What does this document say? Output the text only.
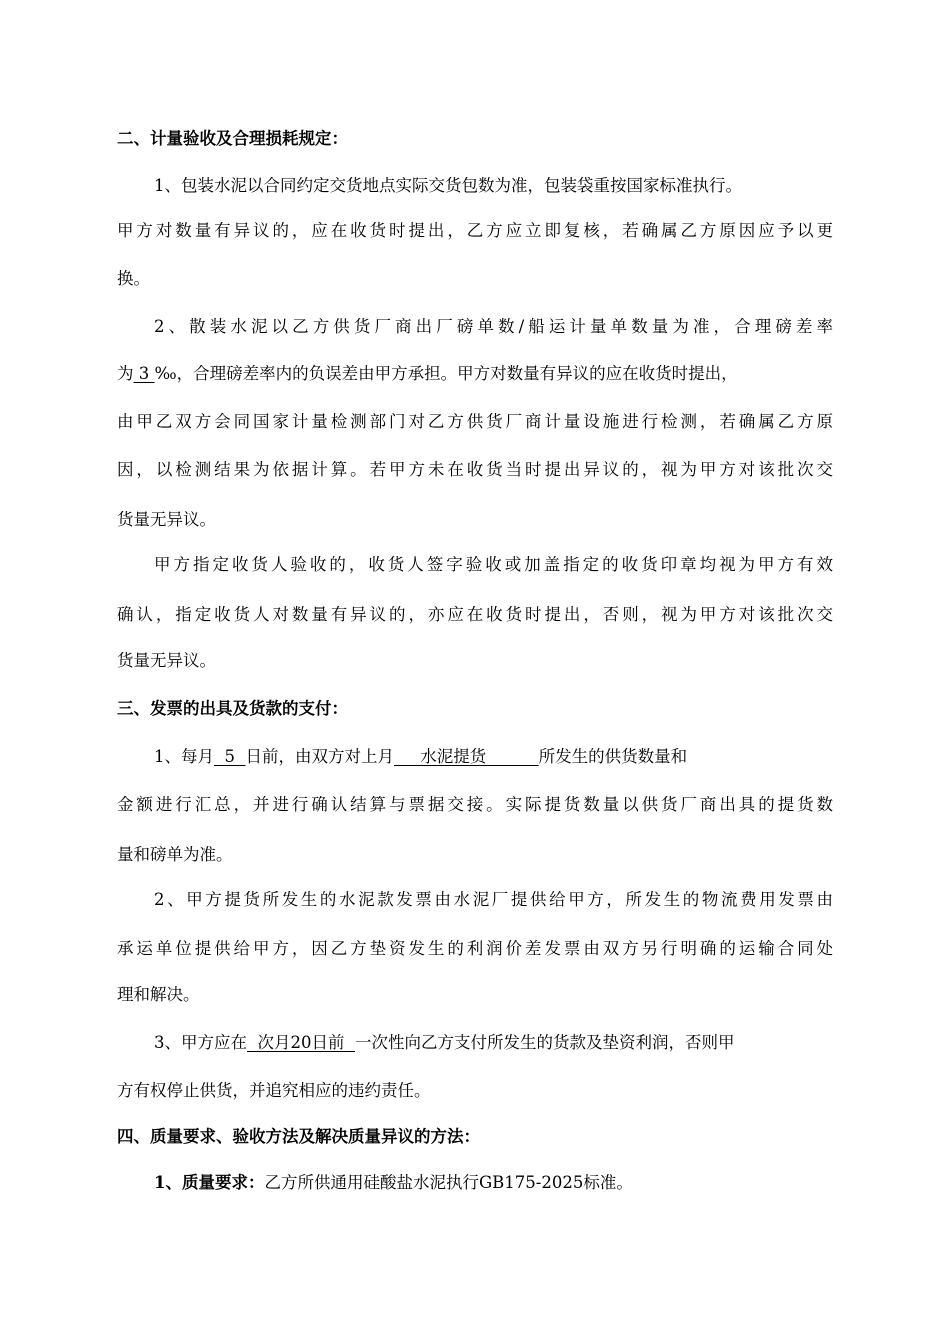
二、计量验收及合理损耗规定：
1、包装水泥以合同约定交货地点实际交货包数为准，包装袋重按国家标准执行。
甲方对数量有异议的，应在收货时提出，乙方应立即复核，若确属乙方原因应予以更
换。
2、散装水泥以乙方供货厂商出厂磅单数/船运计量单数量为准，合理磅差率
为 3 ‰，合理磅差率内的负误差由甲方承担。甲方对数量有异议的应在收货时提出，
由甲乙双方会同国家计量检测部门对乙方供货厂商计量设施进行检测，若确属乙方原
因，以检测结果为依据计算。若甲方未在收货当时提出异议的，视为甲方对该批次交
货量无异议。
甲方指定收货人验收的，收货人签字验收或加盖指定的收货印章均视为甲方有效
确认，指定收货人对数量有异议的，亦应在收货时提出，否则，视为甲方对该批次交
货量无异议。
三、发票的出具及货款的支付：
1、每月  5  日前，由双方对上月     水泥提货          所发生的供货数量和
金额进行汇总，并进行确认结算与票据交接。实际提货数量以供货厂商出具的提货数
量和磅单为准。
2、甲方提货所发生的水泥款发票由水泥厂提供给甲方，所发生的物流费用发票由
承运单位提供给甲方，因乙方垫资发生的利润价差发票由双方另行明确的运输合同处
理和解决。
3、甲方应在  次月20日前  一次性向乙方支付所发生的货款及垫资利润，否则甲
方有权停止供货，并追究相应的违约责任。
四、质量要求、验收方法及解决质量异议的方法：
1、质量要求：乙方所供通用硅酸盐水泥执行GB175-2025标准。
